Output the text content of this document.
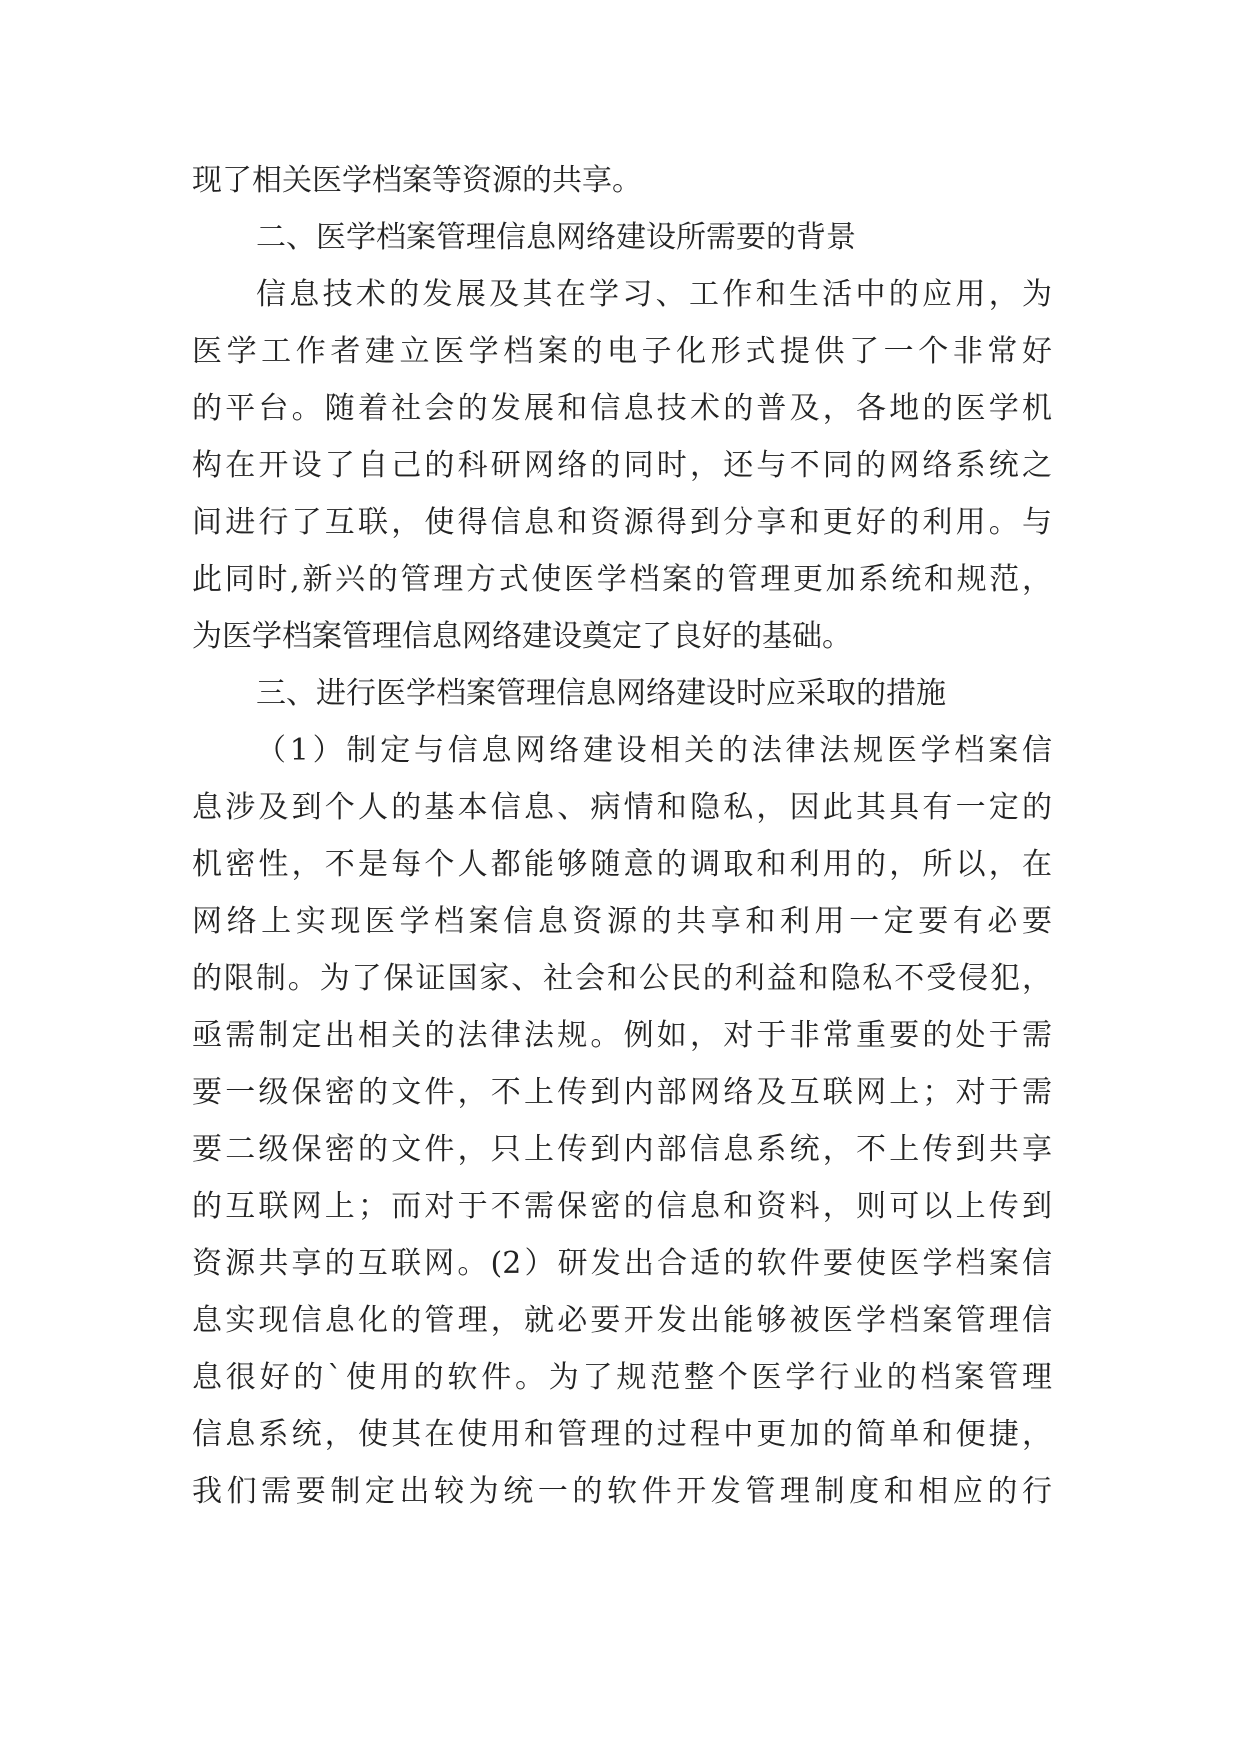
现了相关医学档案等资源的共享。
二、医学档案管理信息网络建设所需要的背景
信息技术的发展及其在学习、工作和生活中的应用，为
医学工作者建立医学档案的电子化形式提供了一个非常好
的平台。随着社会的发展和信息技术的普及，各地的医学机
构在开设了自己的科研网络的同时，还与不同的网络系统之
间进行了互联，使得信息和资源得到分享和更好的利用。与
此同时,新兴的管理方式使医学档案的管理更加系统和规范，
为医学档案管理信息网络建设奠定了良好的基础。
三、进行医学档案管理信息网络建设时应采取的措施
（1）制定与信息网络建设相关的法律法规医学档案信
息涉及到个人的基本信息、病情和隐私，因此其具有一定的
机密性，不是每个人都能够随意的调取和利用的，所以，在
网络上实现医学档案信息资源的共享和利用一定要有必要
的限制。为了保证国家、社会和公民的利益和隐私不受侵犯，
亟需制定出相关的法律法规。例如，对于非常重要的处于需
要一级保密的文件，不上传到内部网络及互联网上；对于需
要二级保密的文件，只上传到内部信息系统，不上传到共享
的互联网上；而对于不需保密的信息和资料，则可以上传到
资源共享的互联网。(2）研发出合适的软件要使医学档案信
息实现信息化的管理，就必要开发出能够被医学档案管理信
息很好的`使用的软件。为了规范整个医学行业的档案管理
信息系统，使其在使用和管理的过程中更加的简单和便捷，
我们需要制定出较为统一的软件开发管理制度和相应的行
